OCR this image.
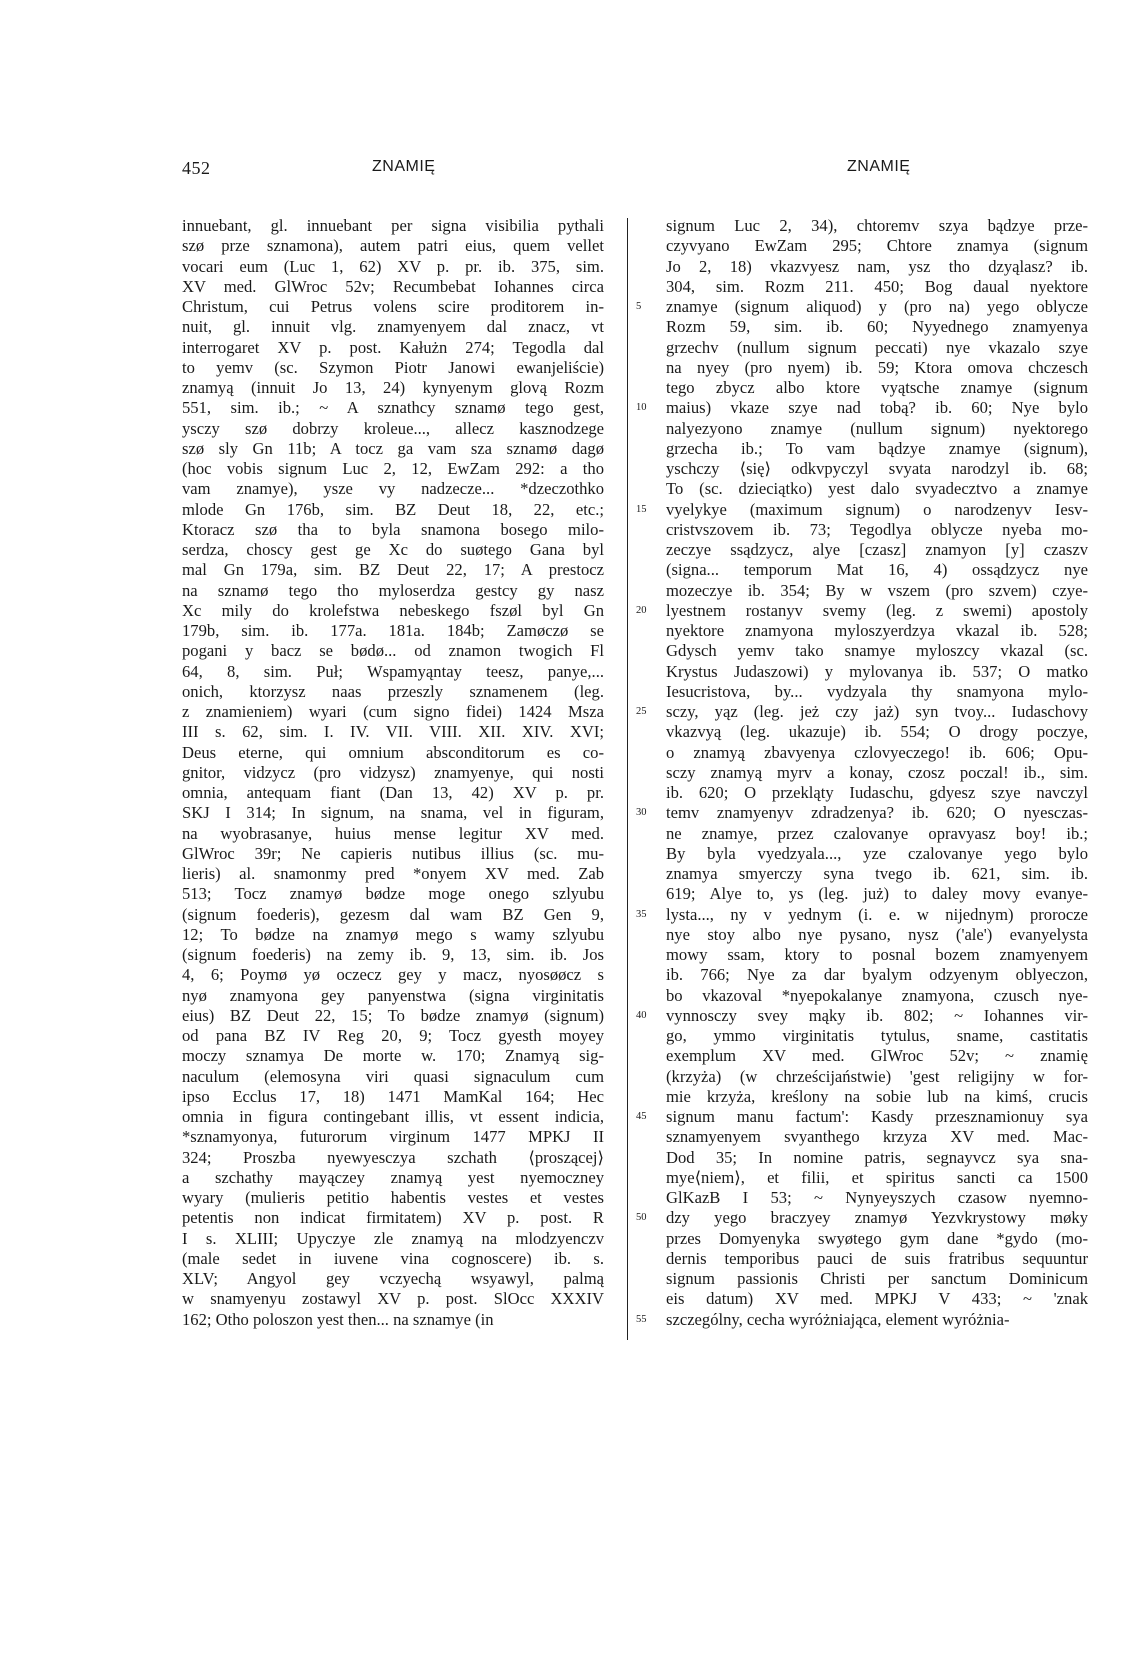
452	ZNAMIĘ	ZNAMIĘ
innuebant, gl. innuebant per signa visibilia pythali
szø prze sznamona), autem patri eius, quem vellet
vocari eum (Luc 1, 62) XV p. pr. ib. 375, sim.
XV med. GlWroc 52v; Recumbebat Iohannes circa
Christum, cui Petrus volens scire proditorem in-
nuit, gl. innuit vlg. znamyenyem dal znacz, vt
interrogaret XV p. post. Kałużn 274; Tegodla dal
to yemv (sc. Szymon Piotr Janowi ewanjeliście)
znamyą (innuit Jo 13, 24) kynyenym glovą Rozm
551, sim. ib.; ~ A sznathcy sznamø tego gest,
ysczy szø dobrzy kroleue..., allecz kasznodzege
szø sly Gn 11b; A tocz ga vam sza sznamø dagø
(hoc vobis signum Luc 2, 12, EwZam 292: a tho
vam znamye), ysze vy nadzecze... *dzeczothko
mlode Gn 176b, sim. BZ Deut 18, 22, etc.;
Ktoracz szø tha to byla snamona bosego milo-
serdza, choscy gest ge Xc do suøtego Gana byl
mal Gn 179a, sim. BZ Deut 22, 17; A prestocz
na sznamø tego tho myloserdza gestcy gy nasz
Xc mily do krolefstwa nebeskego fszøl byl Gn
179b, sim. ib. 177a. 181a. 184b; Zamøczø se
pogani y bacz se bødø... od znamon twogich Fl
64, 8, sim. Puł; Wspamyąntay teesz, panye,...
onich, ktorzysz naas przeszly sznamenem (leg.
z znamieniem) wyari (cum signo fidei) 1424 Msza
III s. 62, sim. I. IV. VII. VIII. XII. XIV. XVI;
Deus eterne, qui omnium absconditorum es co-
gnitor, vidzycz (pro vidzysz) znamyenye, qui nosti
omnia, antequam fiant (Dan 13, 42) XV p. pr.
SKJ I 314; In signum, na snama, vel in figuram,
na wyobrasanye, huius mense legitur XV med.
GlWroc 39r; Ne capieris nutibus illius (sc. mu-
lieris) al. snamonmy pred *onyem XV med. Zab
513; Tocz znamyø bødze moge onego szlyubu
(signum foederis), gezesm dal wam BZ Gen 9,
12; To bødze na znamyø mego s wamy szlyubu
(signum foederis) na zemy ib. 9, 13, sim. ib. Jos
4, 6; Poymø yø oczecz gey y macz, nyosøøcz s
nyø znamyona gey panyenstwa (signa virginitatis
eius) BZ Deut 22, 15; To bødze znamyø (signum)
od pana BZ IV Reg 20, 9; Tocz gyesth moyey
moczy sznamya De morte w. 170; Znamyą sig-
naculum (elemosyna viri quasi signaculum cum
ipso Ecclus 17, 18) 1471 MamKal 164; Hec
omnia in figura contingebant illis, vt essent indicia,
*sznamyonya, futurorum virginum 1477 MPKJ II
324; Proszba nyewyesczya szchath ⟨proszącej⟩
a szchathy mayączey znamyą yest nyemoczney
wyary (mulieris petitio habentis vestes et vestes
petentis non indicat firmitatem) XV p. post. R
I s. XLIII; Upyczye zle znamyą na mlodzyenczv
(male sedet in iuvene vina cognoscere) ib. s.
XLV; Angyol gey vczyechą wsyawyl, palmą
w snamyenyu zostawyl XV p. post. SlOcc XXXIV
162; Otho poloszon yest then... na sznamye (in
5
10
15
20
25
30
35
40
45
50
55
signum Luc 2, 34), chtoremv szya bądzye prze-
czyvyano EwZam 295; Chtore znamya (signum
Jo 2, 18) vkazvyesz nam, ysz tho dzyąlasz? ib.
304, sim. Rozm 211. 450; Bog daual nyektore
znamye (signum aliquod) y (pro na) yego oblycze
Rozm 59, sim. ib. 60; Nyyednego znamyenya
grzechv (nullum signum peccati) nye vkazalo szye
na nyey (pro nyem) ib. 59; Ktora omova chczesch
tego zbycz albo ktore vyątsche znamye (signum
maius) vkaze szye nad tobą? ib. 60; Nye bylo
nalyezyono znamye (nullum signum) nyektorego
grzecha ib.; To vam bądzye znamye (signum),
yschczy ⟨się⟩ odkvpyczyl svyata narodzyl ib. 68;
To (sc. dzieciątko) yest dalo svyadecztvo a znamye
vyelykye (maximum signum) o narodzenyv Iesv-
cristvszovem ib. 73; Tegodlya oblycze nyeba mo-
zeczye ssądzycz, alye [czasz] znamyon [y] czaszv
(signa... temporum Mat 16, 4) ossądzycz nye
mozeczye ib. 354; By w vszem (pro szvem) czye-
lyestnem rostanyv svemy (leg. z swemi) apostoly
nyektore znamyona myloszyerdzya vkazal ib. 528;
Gdysch yemv tako snamye myloszcy vkazal (sc.
Krystus Judaszowi) y mylovanya ib. 537; O matko
Iesucristova, by... vydzyala thy snamyona mylo-
sczy, yąz (leg. jeż czy jaż) syn tvoy... Iudaschovy
vkazvyą (leg. ukazuje) ib. 554; O drogy poczye,
o znamyą zbavyenya czlovyeczego! ib. 606; Opu-
sczy znamyą myrv a konay, czosz poczal! ib., sim.
ib. 620; O przekląty Iudaschu, gdyesz szye navczyl
temv znamyenyv zdradzenya? ib. 620; O nyesczas-
ne znamye, przez czalovanye opravyasz boy! ib.;
By byla vyedzyala..., yze czalovanye yego bylo
znamya smyerczy syna tvego ib. 621, sim. ib.
619; Alye to, ys (leg. już) to daley movy evanye-
lysta..., ny v yednym (i. e. w nijednym) prorocze
nye stoy albo nye pysano, nysz ('ale') evanyelysta
mowy ssam, ktory to posnal bozem znamyenyem
ib. 766; Nye za dar byalym odzyenym oblyeczon,
bo vkazoval *nyepokalanye znamyona, czusch nye-
vynnosczy svey mąky ib. 802; ~ Iohannes vir-
go, ymmo virginitatis tytulus, sname, castitatis
exemplum XV med. GlWroc 52v; ~ znamię
(krzyża) (w chrześcijaństwie) 'gest religijny w for-
mie krzyża, kreślony na sobie lub na kimś, crucis
signum manu factum': Kasdy przesznamionuy sya
sznamyenyem svyanthego krzyza XV med. Mac-
Dod 35; In nomine patris, segnayvcz sya sna-
mye⟨niem⟩, et filii, et spiritus sancti ca 1500
GlKazB I 53; ~ Nynyeyszych czasow nyemno-
dzy yego braczyey znamyø Yezvkrystowy møky
przes Domyenyka swyøtego gym dane *gydo (mo-
dernis temporibus pauci de suis fratribus sequuntur
signum passionis Christi per sanctum Dominicum
eis datum) XV med. MPKJ V 433; ~ 'znak
szczególny, cecha wyróżniająca, element wyróżnia-
